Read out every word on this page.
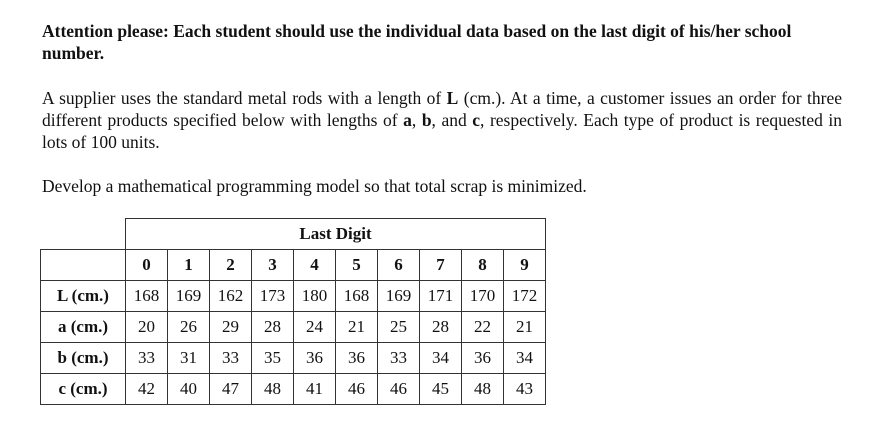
Attention please: Each student should use the individual data based on the last digit of his/her school number.
A supplier uses the standard metal rods with a length of L (cm.). At a time, a customer issues an order for three different products specified below with lengths of a, b, and c, respectively. Each type of product is requested in lots of 100 units.
Develop a mathematical programming model so that total scrap is minimized.
	Last Digit									
	0	1	2	3	4	5	6	7	8	9
L (cm.)	168	169	162	173	180	168	169	171	170	172
a (cm.)	20	26	29	28	24	21	25	28	22	21
b (cm.)	33	31	33	35	36	36	33	34	36	34
c (cm.)	42	40	47	48	41	46	46	45	48	43
